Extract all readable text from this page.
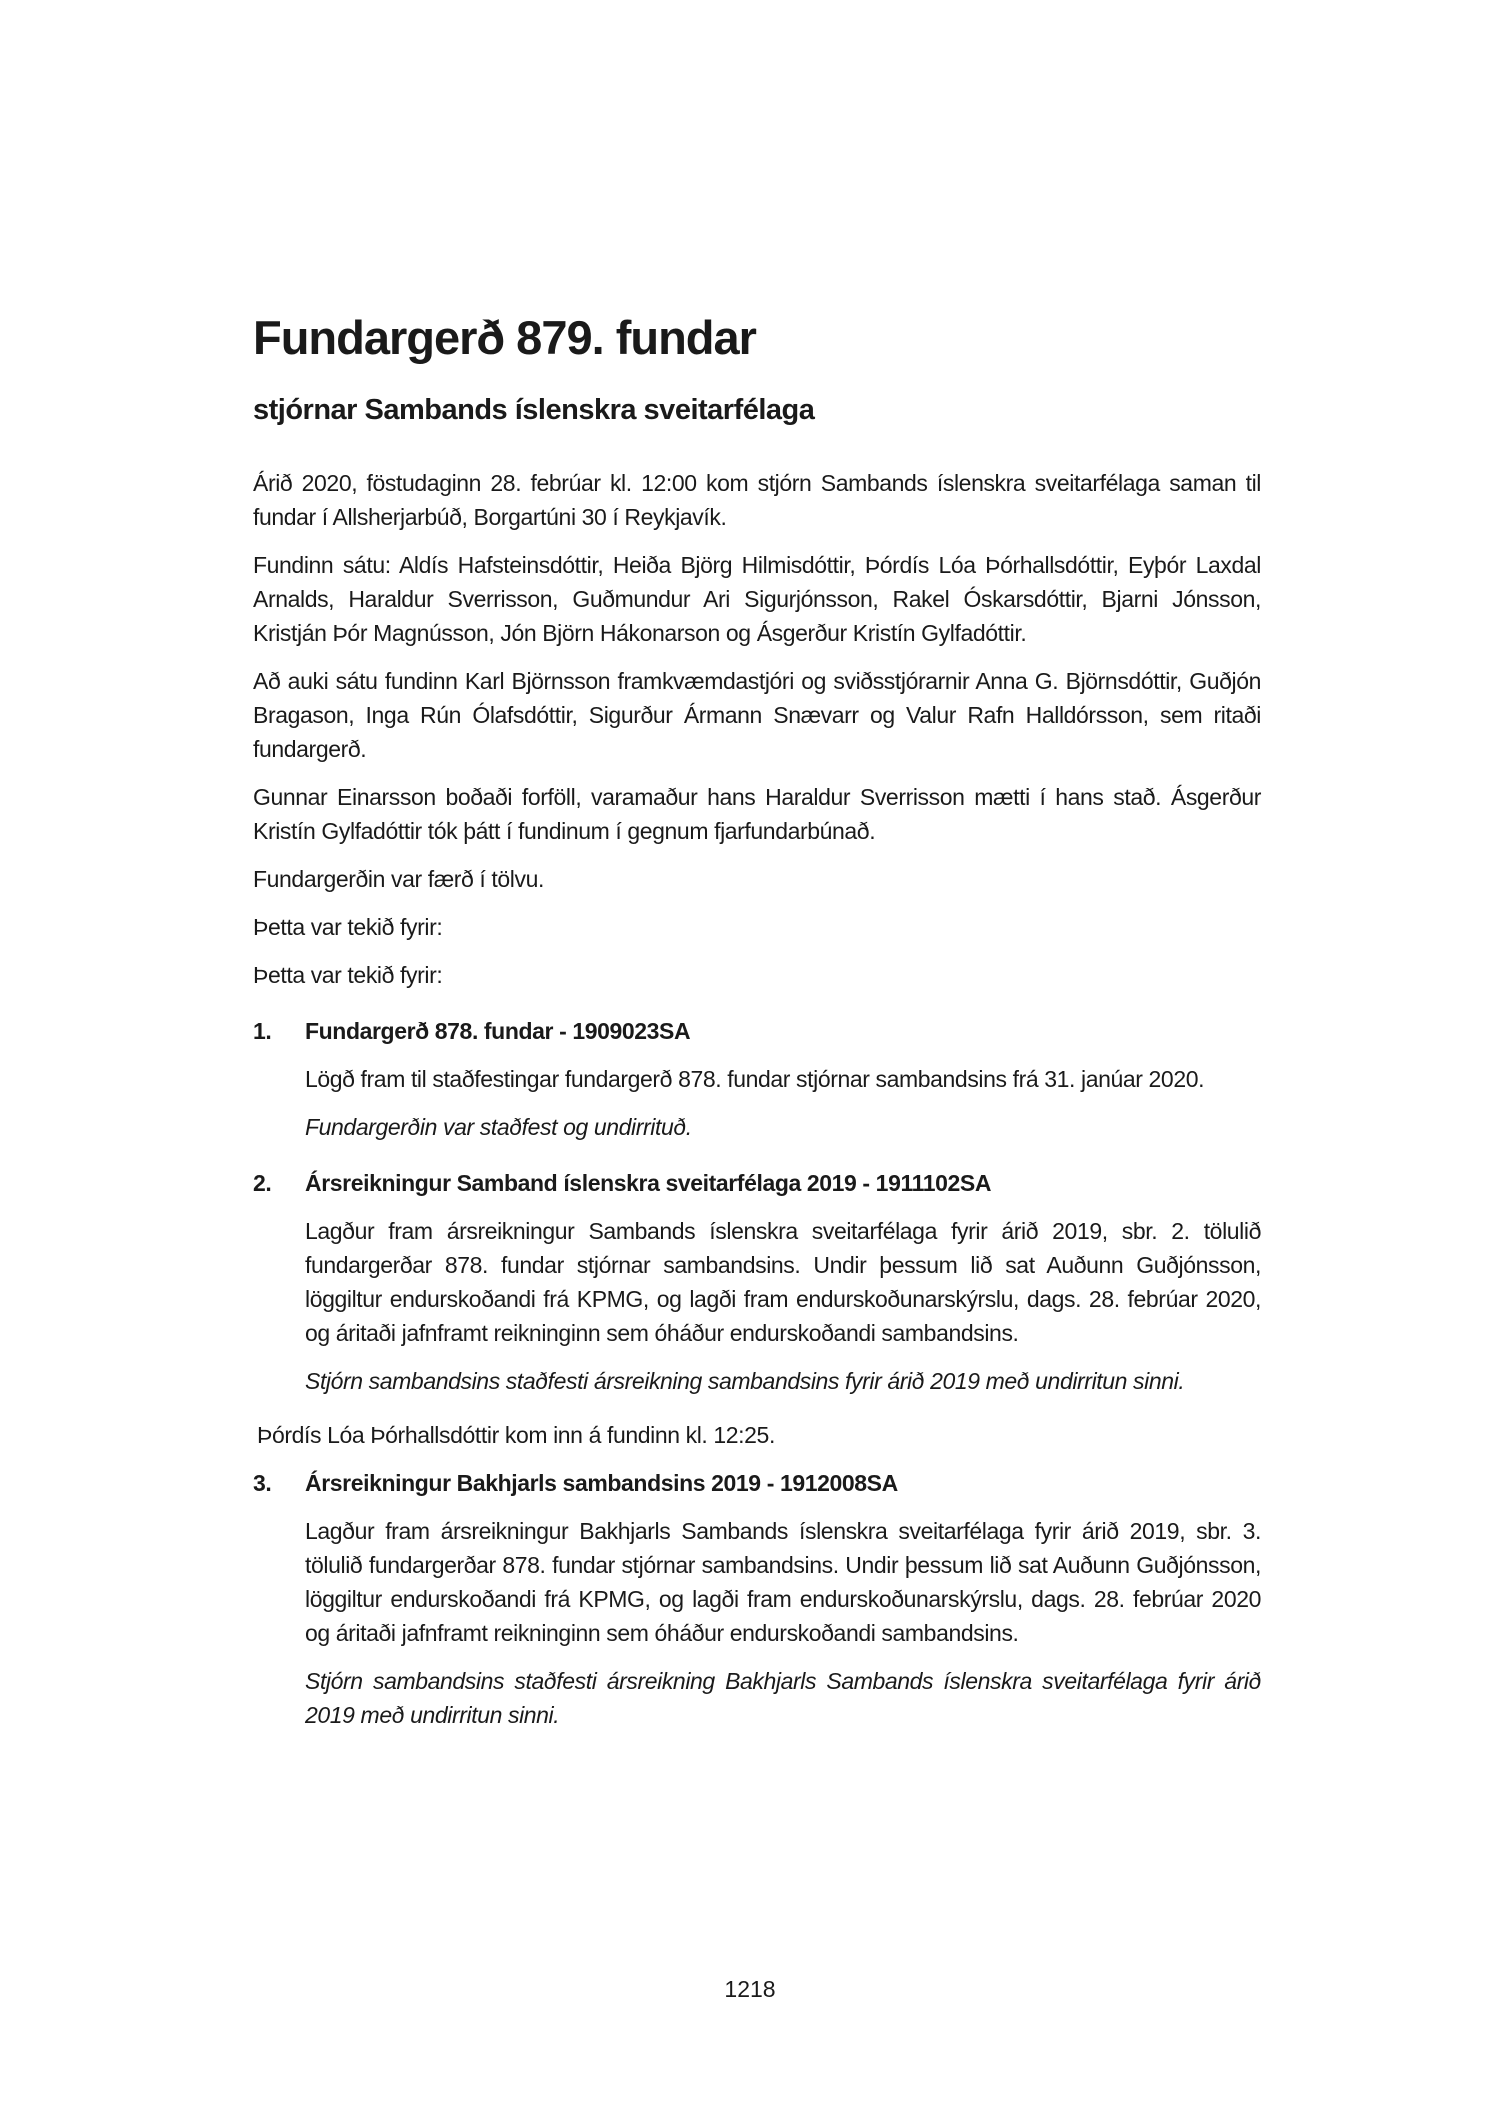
Fundargerð 879. fundar
stjórnar Sambands íslenskra sveitarfélaga

Árið 2020, föstudaginn 28. febrúar kl. 12:00 kom stjórn Sambands íslenskra sveitarfélaga saman til fundar í Allsherjarbúð, Borgartúni 30 í Reykjavík.

Fundinn sátu: Aldís Hafsteinsdóttir, Heiða Björg Hilmisdóttir, Þórdís Lóa Þórhallsdóttir, Eyþór Laxdal Arnalds, Haraldur Sverrisson, Guðmundur Ari Sigurjónsson, Rakel Óskarsdóttir, Bjarni Jónsson, Kristján Þór Magnússon, Jón Björn Hákonarson og Ásgerður Kristín Gylfadóttir.

Að auki sátu fundinn Karl Björnsson framkvæmdastjóri og sviðsstjórarnir Anna G. Björnsdóttir, Guðjón Bragason, Inga Rún Ólafsdóttir, Sigurður Ármann Snævarr og Valur Rafn Halldórsson, sem ritaði fundargerð.

Gunnar Einarsson boðaði forföll, varamaður hans Haraldur Sverrisson mætti í hans stað. Ásgerður Kristín Gylfadóttir tók þátt í fundinum í gegnum fjarfundarbúnað.

Fundargerðin var færð í tölvu.

Þetta var tekið fyrir:

Þetta var tekið fyrir:

1.	Fundargerð 878. fundar - 1909023SA

Lögð fram til staðfestingar fundargerð 878. fundar stjórnar sambandsins frá 31. janúar 2020.

Fundargerðin var staðfest og undirrituð.

2.	Ársreikningur Samband íslenskra sveitarfélaga 2019 - 1911102SA

Lagður fram ársreikningur Sambands íslenskra sveitarfélaga fyrir árið 2019, sbr. 2. tölulið fundargerðar 878. fundar stjórnar sambandsins. Undir þessum lið sat Auðunn Guðjónsson, löggiltur endurskoðandi frá KPMG, og lagði fram endurskoðunarskýrslu, dags. 28. febrúar 2020, og áritaði jafnframt reikninginn sem óháður endurskoðandi sambandsins.

Stjórn sambandsins staðfesti ársreikning sambandsins fyrir árið 2019 með undirritun sinni.

Þórdís Lóa Þórhallsdóttir kom inn á fundinn kl. 12:25.

3.	Ársreikningur Bakhjarls sambandsins 2019 - 1912008SA

Lagður fram ársreikningur Bakhjarls Sambands íslenskra sveitarfélaga fyrir árið 2019, sbr. 3. tölulið fundargerðar 878. fundar stjórnar sambandsins. Undir þessum lið sat Auðunn Guðjónsson, löggiltur endurskoðandi frá KPMG, og lagði fram endurskoðunarskýrslu, dags. 28. febrúar 2020 og áritaði jafnframt reikninginn sem óháður endurskoðandi sambandsins.

Stjórn sambandsins staðfesti ársreikning Bakhjarls Sambands íslenskra sveitarfélaga fyrir árið 2019 með undirritun sinni.

1218
